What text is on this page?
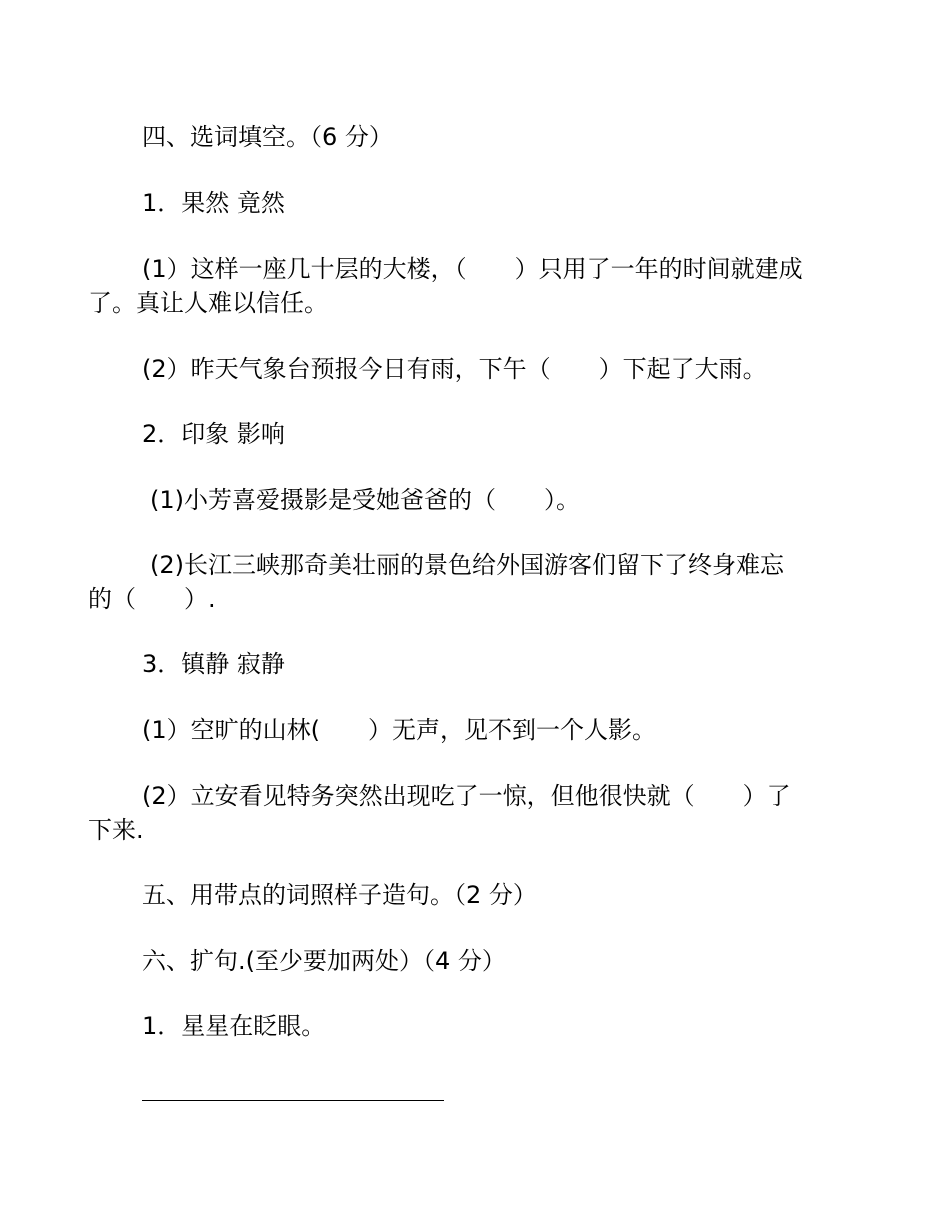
四、选词填空。（6 分）
1．果然 竟然
(1）这样一座几十层的大楼，（　　）只用了一年的时间就建成
了。真让人难以信任。
(2）昨天气象台预报今日有雨，下午（　　）下起了大雨。
2．印象 影响
(1)小芳喜爱摄影是受她爸爸的（　　）。
(2)长江三峡那奇美壮丽的景色给外国游客们留下了终身难忘
的（　　）.
3．镇静 寂静
(1）空旷的山林(　　）无声，见不到一个人影。
(2）立安看见特务突然出现吃了一惊，但他很快就（　　）了
下来.
五、用带点的词照样子造句。（2 分）
六、扩句.(至少要加两处）（4 分）
1．星星在眨眼。
